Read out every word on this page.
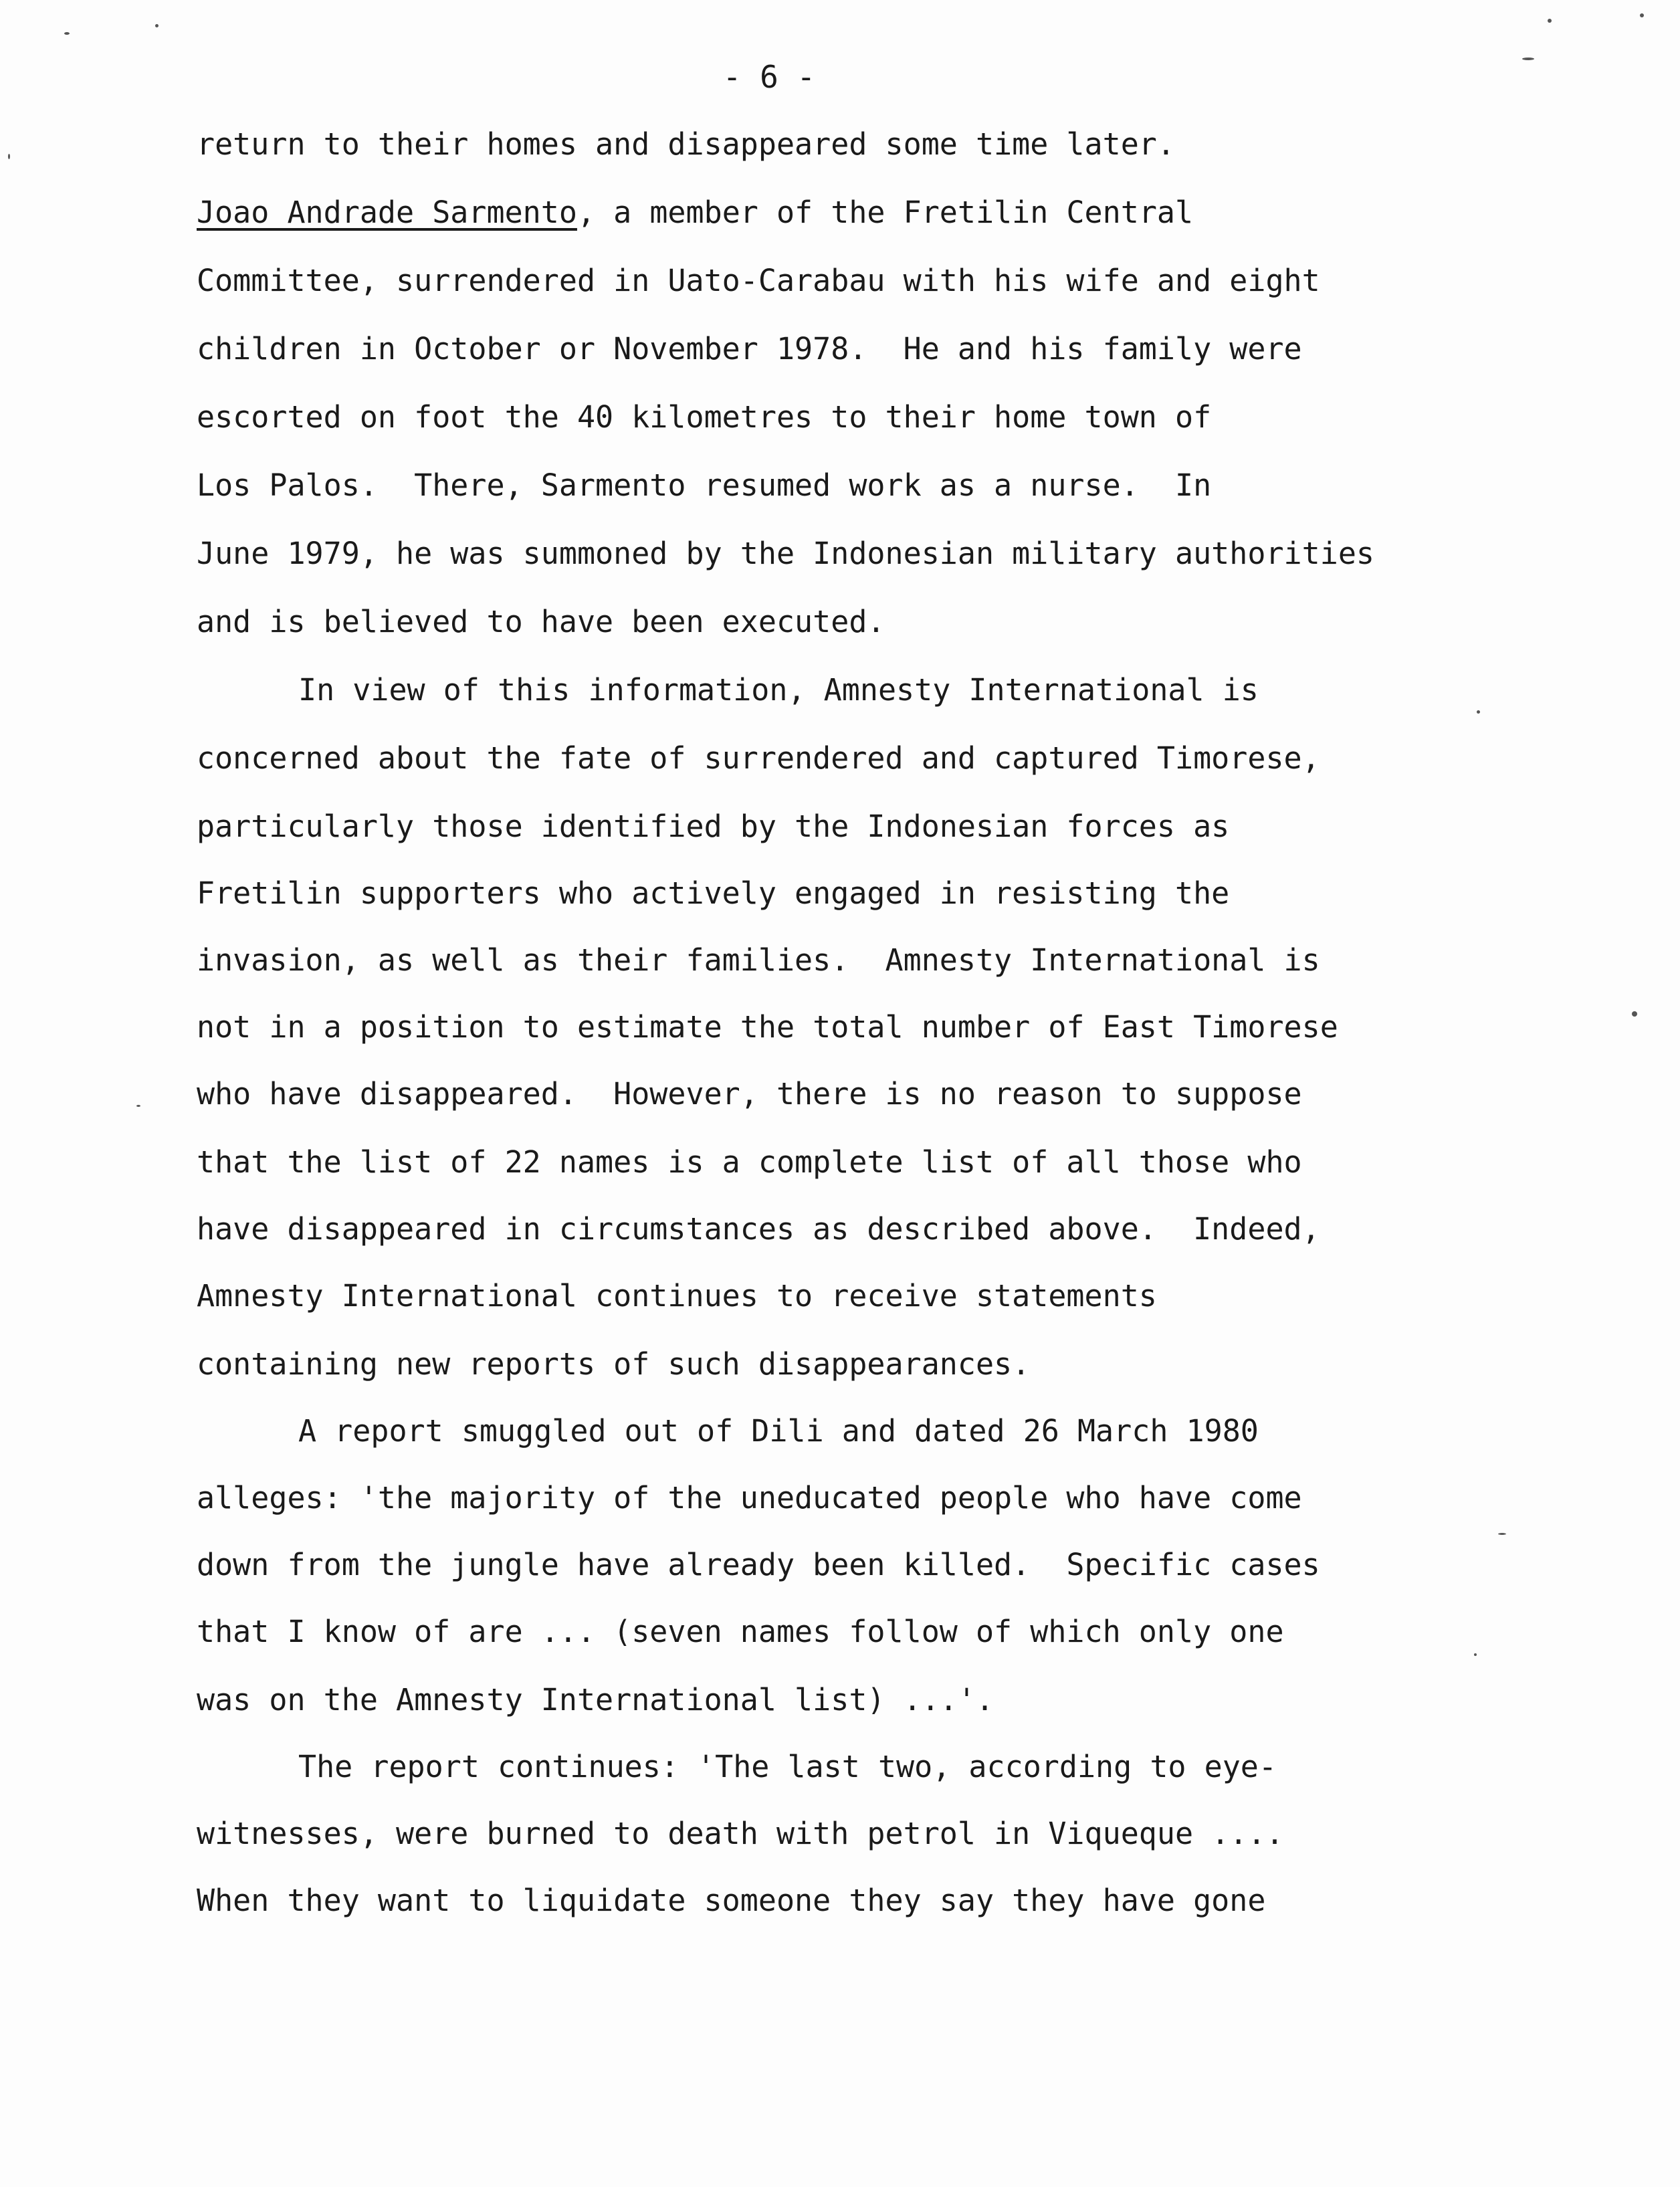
- 6 -
return to their homes and disappeared some time later.
Joao Andrade Sarmento, a member of the Fretilin Central
Committee, surrendered in Uato-Carabau with his wife and eight
children in October or November 1978.  He and his family were
escorted on foot the 40 kilometres to their home town of
Los Palos.  There, Sarmento resumed work as a nurse.  In
June 1979, he was summoned by the Indonesian military authorities
and is believed to have been executed.
In view of this information, Amnesty International is
concerned about the fate of surrendered and captured Timorese,
particularly those identified by the Indonesian forces as
Fretilin supporters who actively engaged in resisting the
invasion, as well as their families.  Amnesty International is
not in a position to estimate the total number of East Timorese
who have disappeared.  However, there is no reason to suppose
that the list of 22 names is a complete list of all those who
have disappeared in circumstances as described above.  Indeed,
Amnesty International continues to receive statements
containing new reports of such disappearances.
A report smuggled out of Dili and dated 26 March 1980
alleges: 'the majority of the uneducated people who have come
down from the jungle have already been killed.  Specific cases
that I know of are ... (seven names follow of which only one
was on the Amnesty International list) ...'.
The report continues: 'The last two, according to eye-
witnesses, were burned to death with petrol in Viqueque ....
When they want to liquidate someone they say they have gone
